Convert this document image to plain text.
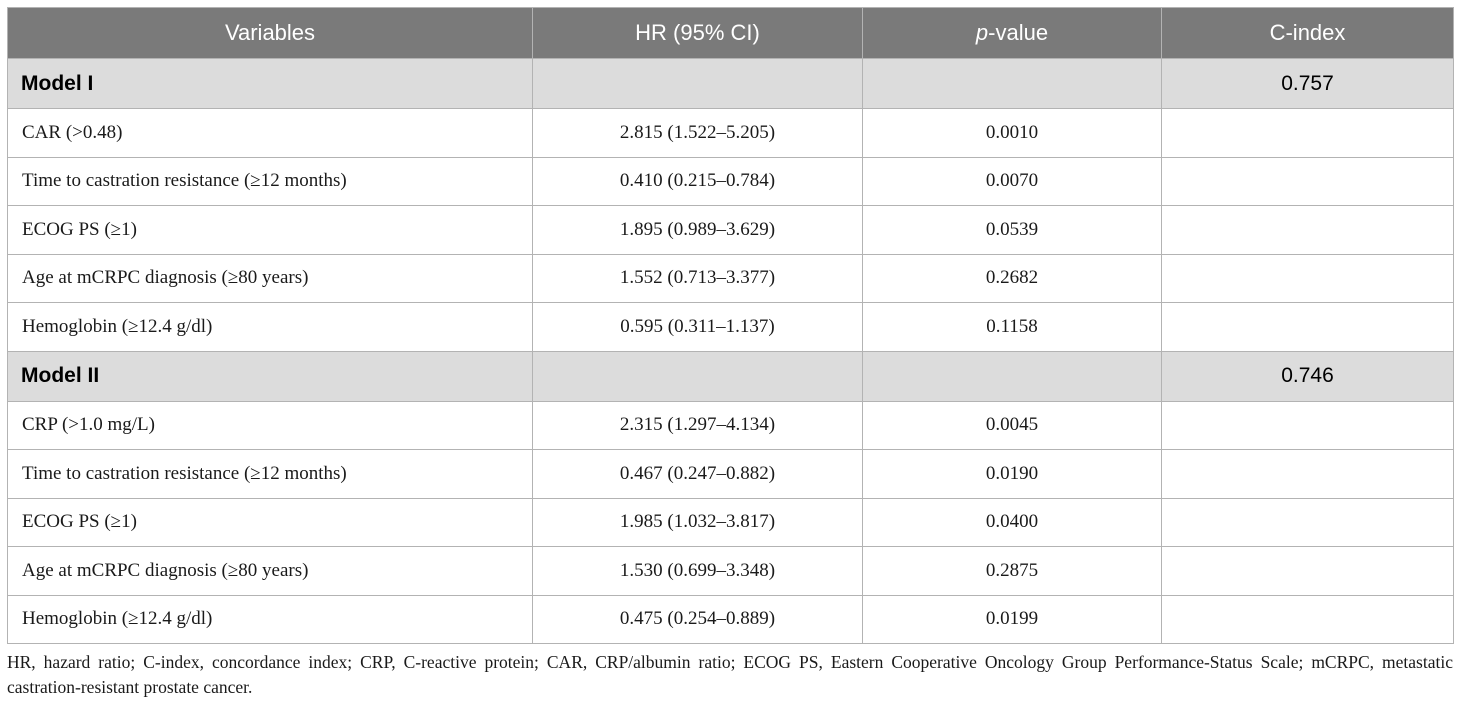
Variables	HR (95% CI)	p-value	C-index
Model I			0.757
CAR (>0.48)	2.815 (1.522–5.205)	0.0010	
Time to castration resistance (≥12 months)	0.410 (0.215–0.784)	0.0070	
ECOG PS (≥1)	1.895 (0.989–3.629)	0.0539	
Age at mCRPC diagnosis (≥80 years)	1.552 (0.713–3.377)	0.2682	
Hemoglobin (≥12.4 g/dl)	0.595 (0.311–1.137)	0.1158	
Model II			0.746
CRP (>1.0 mg/L)	2.315 (1.297–4.134)	0.0045	
Time to castration resistance (≥12 months)	0.467 (0.247–0.882)	0.0190	
ECOG PS (≥1)	1.985 (1.032–3.817)	0.0400	
Age at mCRPC diagnosis (≥80 years)	1.530 (0.699–3.348)	0.2875	
Hemoglobin (≥12.4 g/dl)	0.475 (0.254–0.889)	0.0199	
HR, hazard ratio; C-index, concordance index; CRP, C-reactive protein; CAR, CRP/albumin ratio; ECOG PS, Eastern Cooperative Oncology Group Performance-Status Scale; mCRPC, metastatic castration-resistant prostate cancer.
